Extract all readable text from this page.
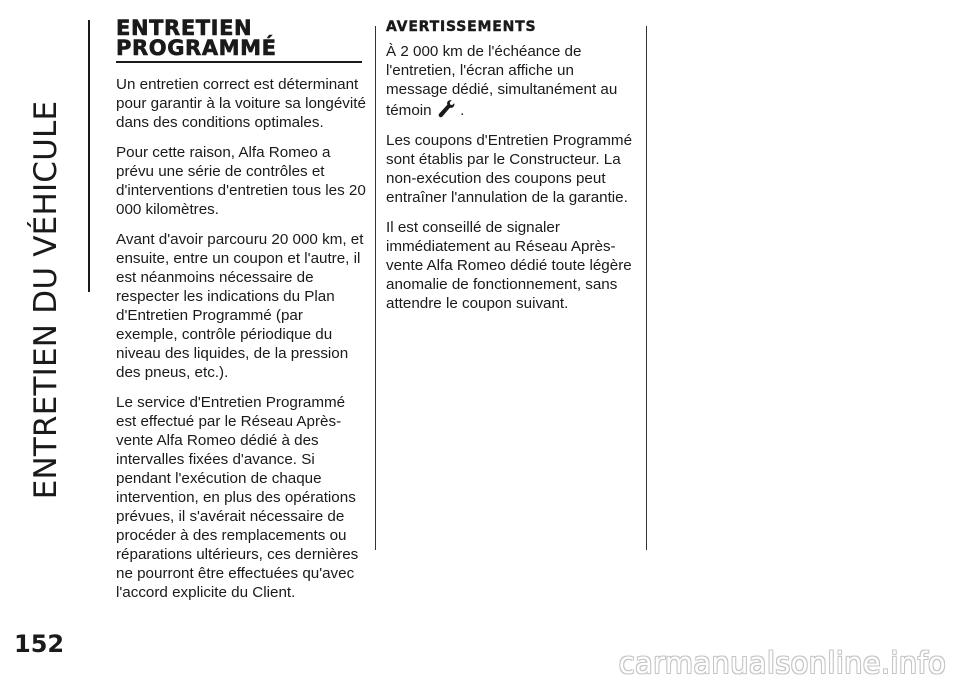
ENTRETIEN DU VÉHICULE
152
ENTRETIEN
PROGRAMMÉ

Un entretien correct est déterminant pour garantir à la voiture sa longévité dans des conditions optimales.

Pour cette raison, Alfa Romeo a prévu une série de contrôles et d'interventions d'entretien tous les 20 000 kilomètres.

Avant d'avoir parcouru 20 000 km, et ensuite, entre un coupon et l'autre, il est néanmoins nécessaire de respecter les indications du Plan d'Entretien Programmé (par exemple, contrôle périodique du niveau des liquides, de la pression des pneus, etc.).

Le service d'Entretien Programmé est effectué par le Réseau Après-vente Alfa Romeo dédié à des intervalles fixées d'avance. Si pendant l'exécution de chaque intervention, en plus des opérations prévues, il s'avérait nécessaire de procéder à des remplacements ou réparations ultérieurs, ces dernières ne pourront être effectuées qu'avec l'accord explicite du Client.

AVERTISSEMENTS

À 2 000 km de l'échéance de l'entretien, l'écran affiche un message dédié, simultanément au témoin .

Les coupons d'Entretien Programmé sont établis par le Constructeur. La non-exécution des coupons peut entraîner l'annulation de la garantie.

Il est conseillé de signaler immédiatement au Réseau Après-vente Alfa Romeo dédié toute légère anomalie de fonctionnement, sans attendre le coupon suivant.

carmanualsonline.info
